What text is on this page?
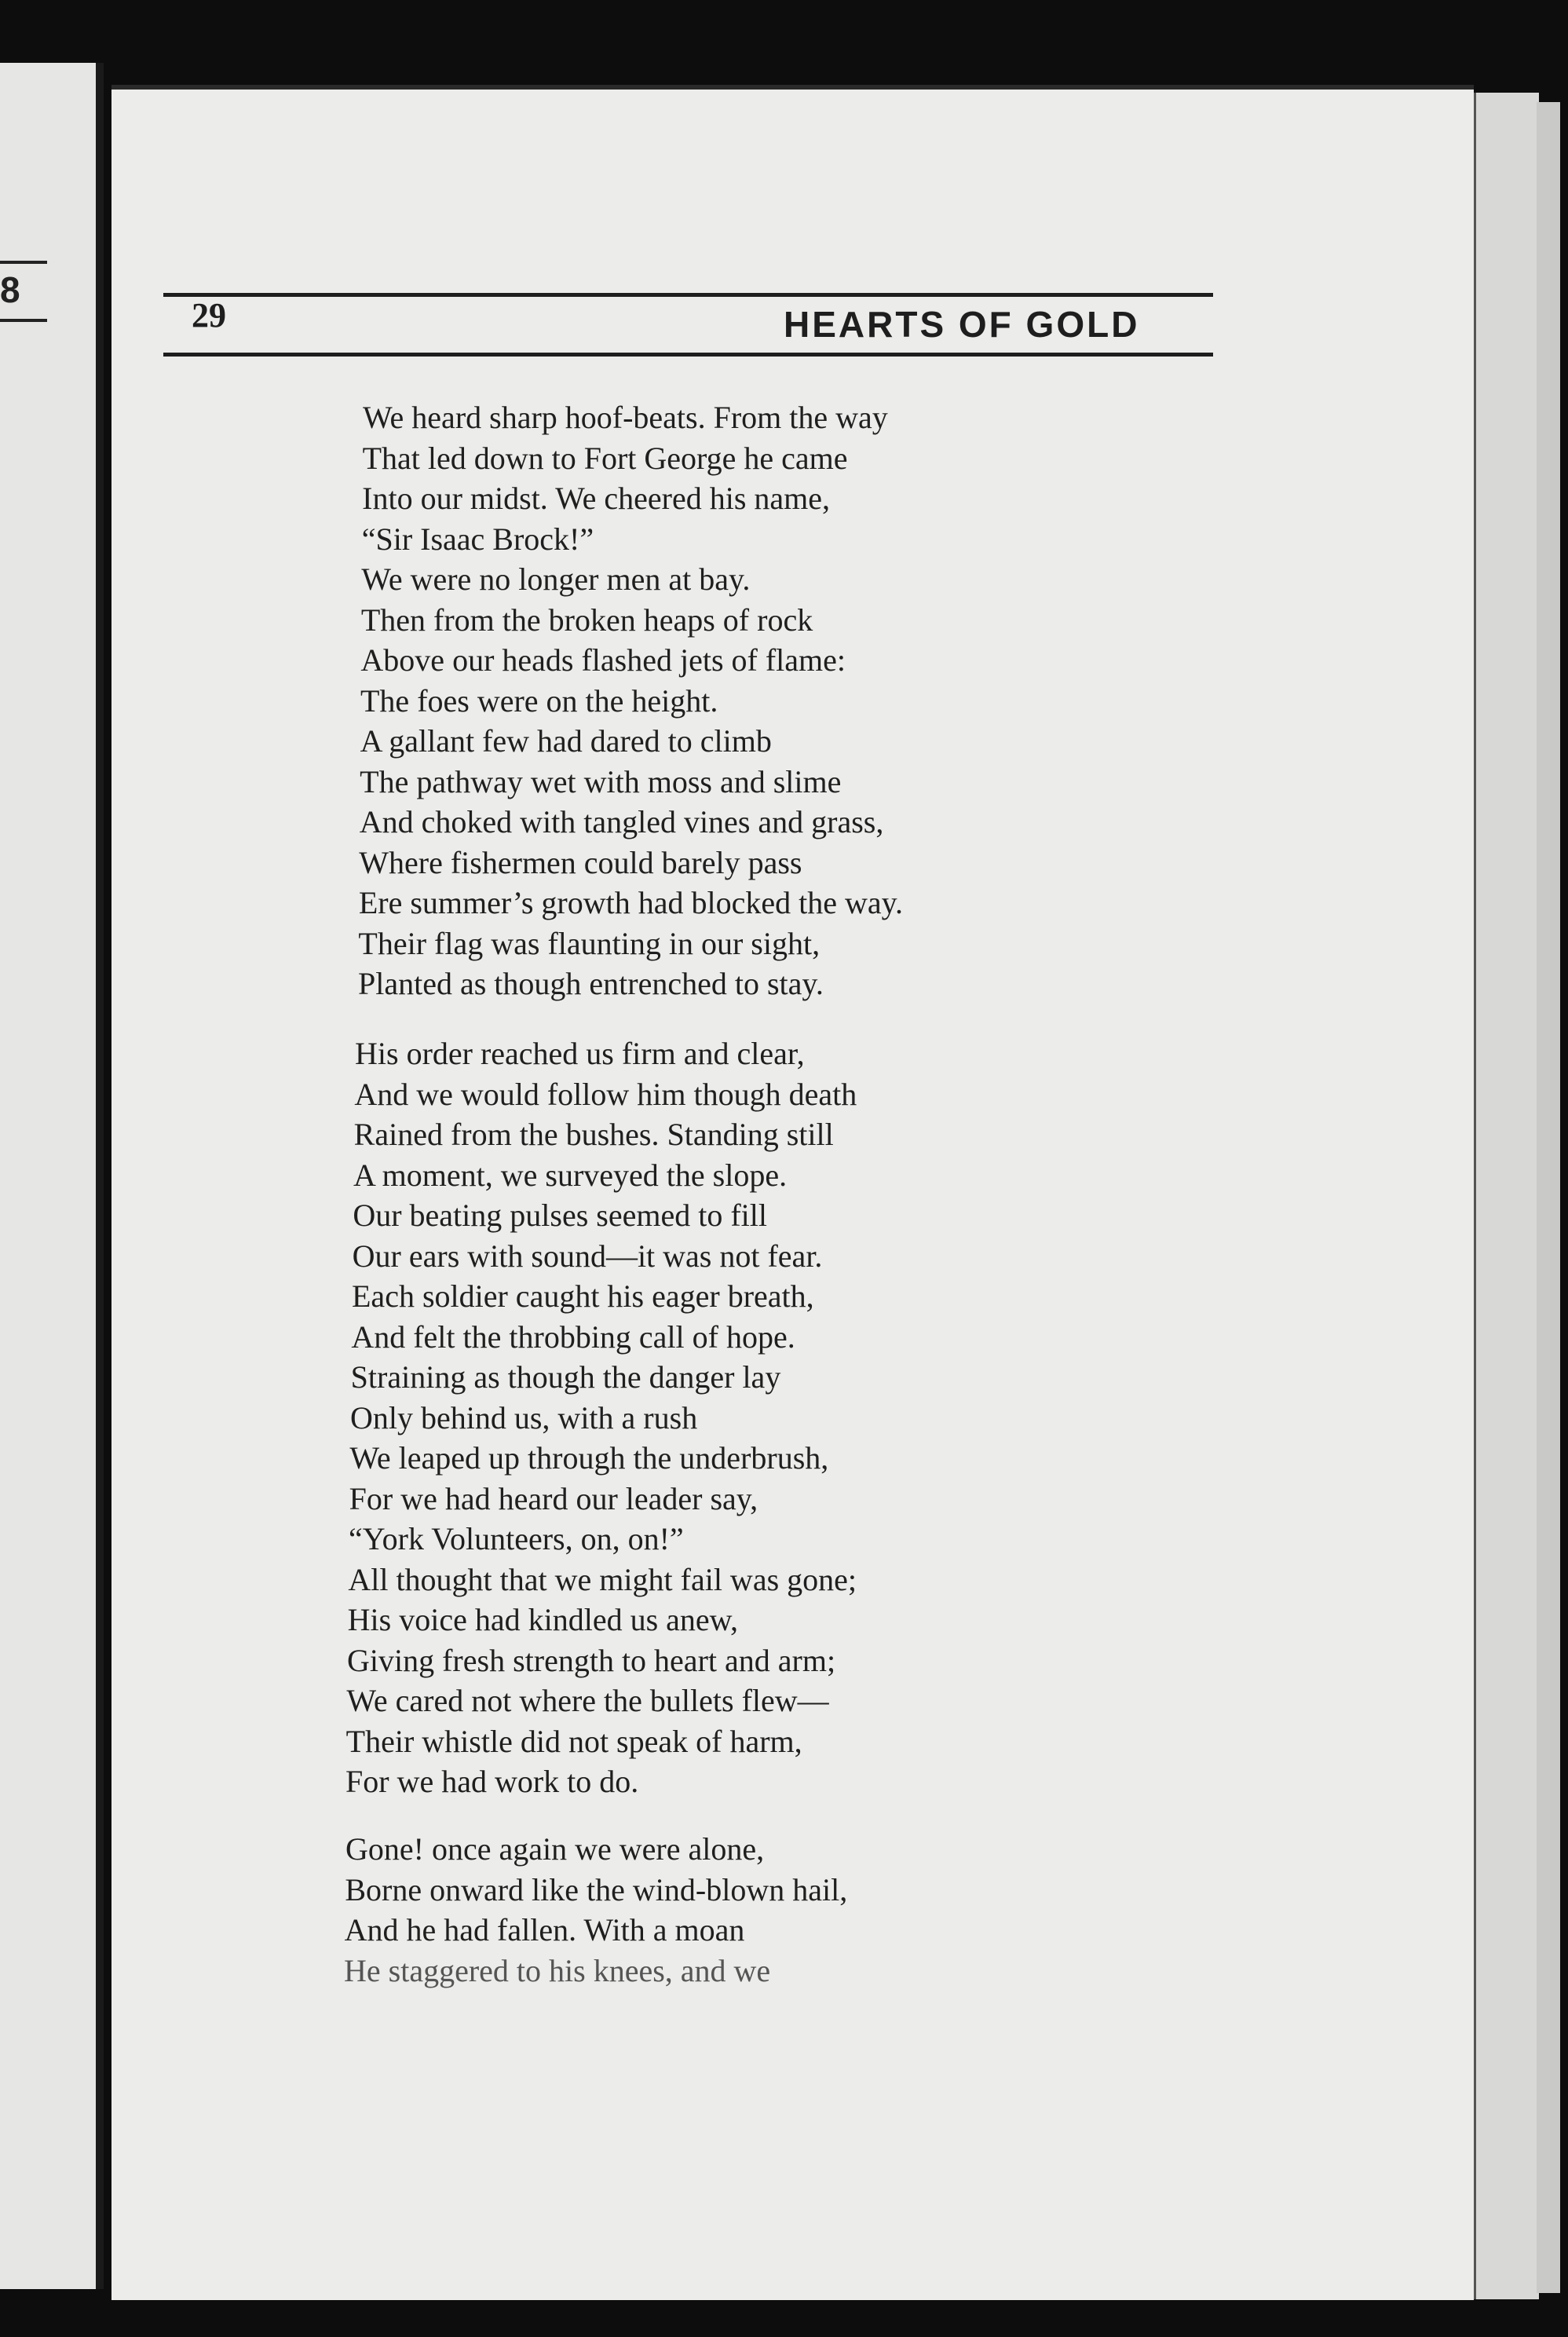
8
29	HEARTS OF GOLD
We heard sharp hoof-beats. From the way
That led down to Fort George he came
Into our midst. We cheered his name,
“Sir Isaac Brock!”
We were no longer men at bay.
Then from the broken heaps of rock
Above our heads flashed jets of flame:
The foes were on the height.
A gallant few had dared to climb
The pathway wet with moss and slime
And choked with tangled vines and grass,
Where fishermen could barely pass
Ere summer’s growth had blocked the way.
Their flag was flaunting in our sight,
Planted as though entrenched to stay.
His order reached us firm and clear,
And we would follow him though death
Rained from the bushes. Standing still
A moment, we surveyed the slope.
Our beating pulses seemed to fill
Our ears with sound—it was not fear.
Each soldier caught his eager breath,
And felt the throbbing call of hope.
Straining as though the danger lay
Only behind us, with a rush
We leaped up through the underbrush,
For we had heard our leader say,
“York Volunteers, on, on!”
All thought that we might fail was gone;
His voice had kindled us anew,
Giving fresh strength to heart and arm;
We cared not where the bullets flew—
Their whistle did not speak of harm,
For we had work to do.
Gone! once again we were alone,
Borne onward like the wind-blown hail,
And he had fallen. With a moan
He staggered to his knees, and we
